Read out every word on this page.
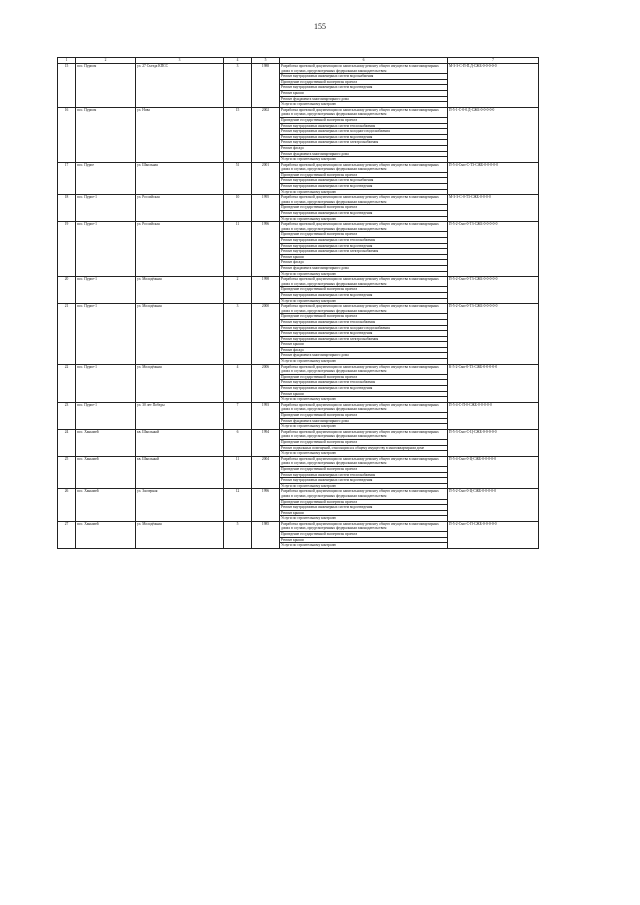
155
1	2	3	4	5	6	7
15	пос. Пурпом	ул. 27 Съезда КПСС	3	1988	Разработка проектной документации по капитальному ремонту общего имущества в многоквартирных домах в случаях, предусмотренных федеральным законодательством	М-3-3-С-П-П.Д-СЖБ-0-0-0-0-0
					Ремонт внутридомовых инженерных систем водоснабжения	
					Проведение государственной экспертизы проекта	
					Ремонт внутридомовых инженерных систем водоотведения	
					Ремонт крыши	
					Ремонт фундамента многоквартирного дома	
					Услуги по строительному контролю	
16	пос. Пурпом	ул. Нова	15	2002	Разработка проектной документации по капитальному ремонту общего имущества в многоквартирных домах в случаях, предусмотренных федеральным законодательством	П-5-1-С-0-0.Д-СЖБ-0-0-0-0-0
					Проведение государственной экспертизы проекта	
					Ремонт внутридомовых инженерных систем теплоснабжения	
					Ремонт внутридомовых инженерных систем холодного водоснабжения	
					Ремонт внутридомовых инженерных систем водоотведения	
					Ремонт внутридомовых инженерных систем электроснабжения	
					Ремонт фасада	
					Ремонт фундамента многоквартирного дома	
					Услуги по строительному контролю	
17	пос. Пурпе	ул. Школьная	51	2001	Разработка проектной документации по капитальному ремонту общего имущества в многоквартирных домах в случаях, предусмотренных федеральным законодательством	П-5-4-Смп-С-Т3-СЖБ-0-0-0-0-0
					Проведение государственной экспертизы проекта	
					Ремонт внутридомовых инженерных систем водоснабжения	
					Ремонт внутридомовых инженерных систем водоотведения	
					Услуги по строительному контролю	
18	пос. Пурпе-1	ул. Российская	10	1995	Разработка проектной документации по капитальному ремонту общего имущества в многоквартирных домах в случаях, предусмотренных федеральным законодательством	М-3-3-С-0-Т3-СЖБ-0-0-0-0
					Проведение государственной экспертизы проекта	
					Ремонт внутридомовых инженерных систем водоотведения	
					Услуги по строительному контролю	
19	пос. Пурпе-1	ул. Российская	11	1996	Разработка проектной документации по капитальному ремонту общего имущества в многоквартирных домах в случаях, предусмотренных федеральным законодательством	П-5-2-Смп-0-Т3-СЖБ-0-0-0-0-0
					Проведение государственной экспертизы проекта	
					Ремонт внутридомовых инженерных систем теплоснабжения	
					Ремонт внутридомовых инженерных систем водоотведения	
					Ремонт внутридомовых инженерных систем электроснабжения	
					Ремонт крыши	
					Ремонт фасада	
					Ремонт фундамента многоквартирного дома	
					Услуги по строительному контролю	
20	пос. Пурпе-1	ул. Молодёжная	2	1998	Разработка проектной документации по капитальному ремонту общего имущества в многоквартирных домах в случаях, предусмотренных федеральным законодательством	П-5-2-Смп-0-Т3-СЖБ-0-0-0-0-0
					Проведение государственной экспертизы проекта	
					Ремонт внутридомовых инженерных систем водоотведения	
					Услуги по строительному контролю	
21	пос. Пурпе-1	ул. Молодёжная	3	2000	Разработка проектной документации по капитальному ремонту общего имущества в многоквартирных домах в случаях, предусмотренных федеральным законодательством	П-5-2-Смп-0-Т3-СЖБ-0-0-0-0-0
					Проведение государственной экспертизы проекта	
					Ремонт внутридомовых инженерных систем теплоснабжения	
					Ремонт внутридомовых инженерных систем холодного водоснабжения	
					Ремонт внутридомовых инженерных систем водоотведения	
					Ремонт внутридомовых инженерных систем электроснабжения	
					Ремонт крыши	
					Ремонт фасада	
					Ремонт фундамента многоквартирного дома	
					Услуги по строительному контролю	
22	пос. Пурпе-1	ул. Молодёжная	4	2006	Разработка проектной документации по капитальному ремонту общего имущества в многоквартирных домах в случаях, предусмотренных федеральным законодательством	К-5-2-Смп-0-Т3-СЖБ-0-0-0-0-0
					Проведение государственной экспертизы проекта	
					Ремонт внутридомовых инженерных систем теплоснабжения	
					Ремонт внутридомовых инженерных систем водоотведения	
					Ремонт крыши	
					Услуги по строительному контролю	
23	пос. Пурпе-1	ул. 30 лет Победы	7	1993	Разработка проектной документации по капитальному ремонту общего имущества в многоквартирных домах в случаях, предусмотренных федеральным законодательством	П-5-4-С-П-0-СЖБ-0-0-0-0-0
					Проведение государственной экспертизы проекта	
					Ремонт фундамента многоквартирного дома	
					Услуги по строительному контролю	
24	пос. Ханымей	кв. Школьный	6	1994	Разработка проектной документации по капитальному ремонту общего имущества в многоквартирных домах в случаях, предусмотренных федеральным законодательством	П-5-3-Смп-С-Ц-СЖБ-0-0-0-0-0
					Проведение государственной экспертизы проекта	
					Ремонт подвальных помещений, относящихся к общему имуществу в многоквартирном доме	
					Услуги по строительному контролю	
25	пос. Ханымей	кв. Школьный	11	2004	Разработка проектной документации по капитальному ремонту общего имущества в многоквартирных домах в случаях, предусмотренных федеральным законодательством	П-5-4-Смп-0-Ц-СЖБ-0-0-0-0-0
					Проведение государственной экспертизы проекта	
					Ремонт внутридомовых инженерных систем теплоснабжения	
					Ремонт внутридомовых инженерных систем водоотведения	
					Услуги по строительному контролю	
26	пос. Ханымей	ул. Заозерная	12	1996	Разработка проектной документации по капитальному ремонту общего имущества в многоквартирных домах в случаях, предусмотренных федеральным законодательством	П-5-2-Смп-0-Ц-СЖБ-0-0-0-0-0
					Проведение государственной экспертизы проекта	
					Ремонт внутридомовых инженерных систем водоотведения	
					Ремонт крыши	
					Услуги по строительному контролю	
27	пос. Ханымей	ул. Молодёжная	5	1985	Разработка проектной документации по капитальному ремонту общего имущества в многоквартирных домах в случаях, предусмотренных федеральным законодательством	П-5-2-Смп-С-П-СЖБ-0-0-0-0-0
					Проведение государственной экспертизы проекта	
					Ремонт крыши	
					Услуги по строительному контролю	
